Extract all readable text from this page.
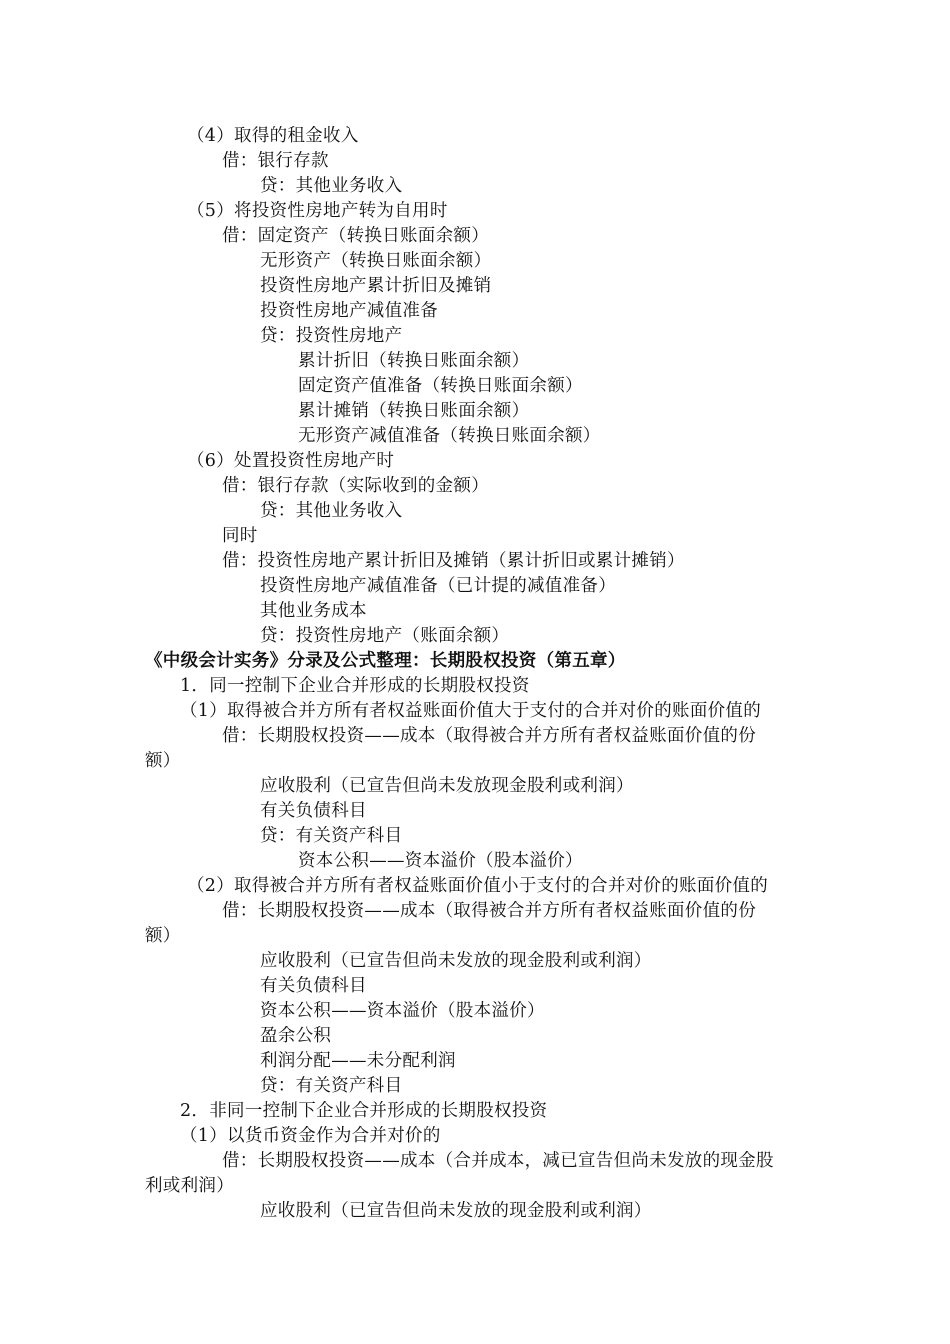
（4）取得的租金收入
借：银行存款
贷：其他业务收入
（5）将投资性房地产转为自用时
借：固定资产（转换日账面余额）
无形资产（转换日账面余额）
投资性房地产累计折旧及摊销
投资性房地产减值准备
贷：投资性房地产
累计折旧（转换日账面余额）
固定资产值准备（转换日账面余额）
累计摊销（转换日账面余额）
无形资产减值准备（转换日账面余额）
（6）处置投资性房地产时
借：银行存款（实际收到的金额）
贷：其他业务收入
同时
借：投资性房地产累计折旧及摊销（累计折旧或累计摊销）
投资性房地产减值准备（已计提的减值准备）
其他业务成本
贷：投资性房地产（账面余额）
《中级会计实务》分录及公式整理：长期股权投资（第五章）
1．同一控制下企业合并形成的长期股权投资
（1）取得被合并方所有者权益账面价值大于支付的合并对价的账面价值的
借：长期股权投资——成本（取得被合并方所有者权益账面价值的份
额）
应收股利（已宣告但尚未发放现金股利或利润）
有关负债科目
贷：有关资产科目
资本公积——资本溢价（股本溢价）
（2）取得被合并方所有者权益账面价值小于支付的合并对价的账面价值的
借：长期股权投资——成本（取得被合并方所有者权益账面价值的份
额）
应收股利（已宣告但尚未发放的现金股利或利润）
有关负债科目
资本公积——资本溢价（股本溢价）
盈余公积
利润分配——未分配利润
贷：有关资产科目
2．非同一控制下企业合并形成的长期股权投资
（1）以货币资金作为合并对价的
借：长期股权投资——成本（合并成本，减已宣告但尚未发放的现金股
利或利润）
应收股利（已宣告但尚未发放的现金股利或利润）
